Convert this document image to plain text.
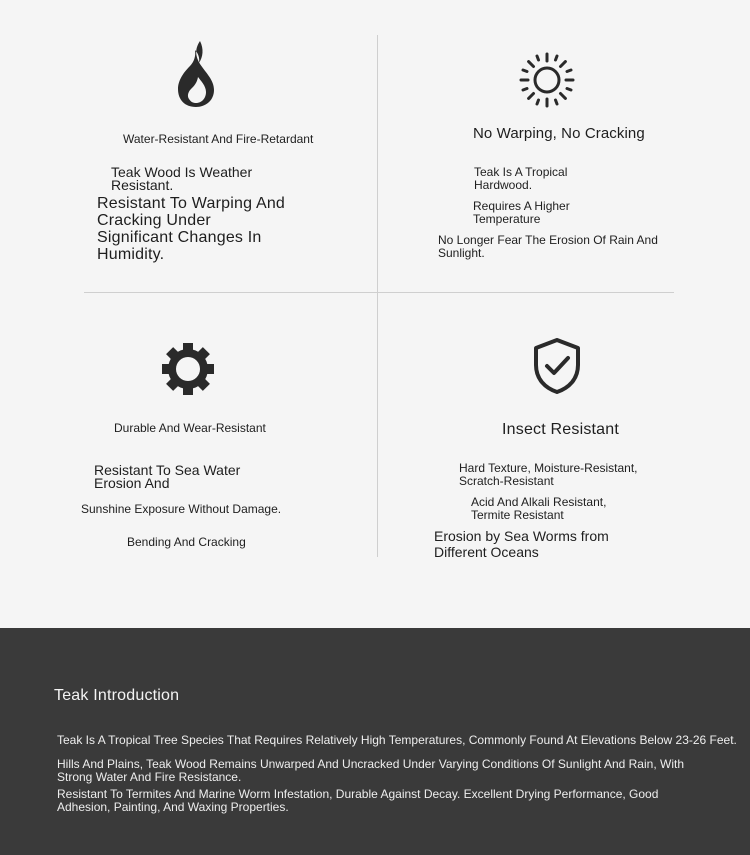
Water-Resistant And Fire-Retardant
Teak Wood Is Weather Resistant.
Resistant To Warping And Cracking Under Significant Changes In Humidity.
No Warping, No Cracking
Teak Is A Tropical Hardwood.
Requires A Higher Temperature
No Longer Fear The Erosion Of Rain And Sunlight.
Durable And Wear-Resistant
Resistant To Sea Water Erosion And
Sunshine Exposure Without Damage.
Bending And Cracking
Insect Resistant
Hard Texture, Moisture-Resistant, Scratch-Resistant
Acid And Alkali Resistant, Termite Resistant
Erosion by Sea Worms from Different Oceans
Teak Introduction
Teak Is A Tropical Tree Species That Requires Relatively High Temperatures, Commonly Found At Elevations Below 23-26 Feet.
Hills And Plains, Teak Wood Remains Unwarped And Uncracked Under Varying Conditions Of Sunlight And Rain, With Strong Water And Fire Resistance.
Resistant To Termites And Marine Worm Infestation, Durable Against Decay. Excellent Drying Performance, Good Adhesion, Painting, And Waxing Properties.
